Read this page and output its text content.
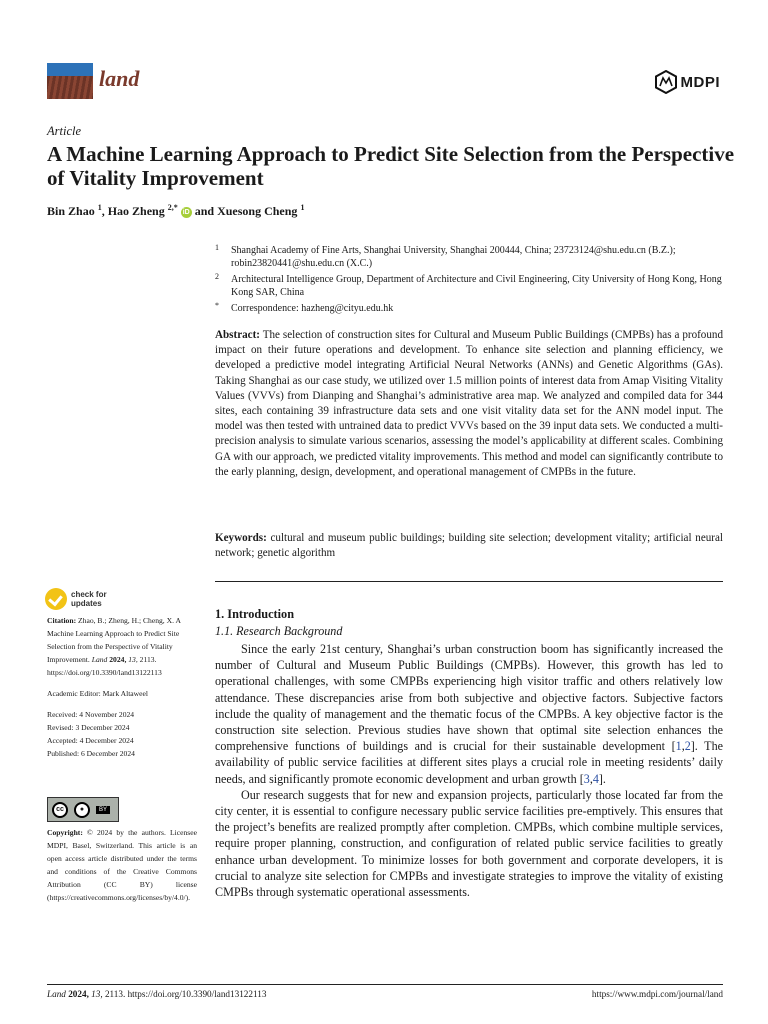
land	MDPI
Article
A Machine Learning Approach to Predict Site Selection from the Perspective of Vitality Improvement
Bin Zhao $^1$, Hao Zheng $^{2,*}$ iD and Xuesong Cheng $^1$
1 Shanghai Academy of Fine Arts, Shanghai University, Shanghai 200444, China; 23723124@shu.edu.cn (B.Z.); robin23820441@shu.edu.cn (X.C.)
2 Architectural Intelligence Group, Department of Architecture and Civil Engineering, City University of Hong Kong, Hong Kong SAR, China
* Correspondence: hazheng@cityu.edu.hk
Abstract: The selection of construction sites for Cultural and Museum Public Buildings (CMPBs) has a profound impact on their future operations and development. To enhance site selection and planning efficiency, we developed a predictive model integrating Artificial Neural Networks (ANNs) and Genetic Algorithms (GAs). Taking Shanghai as our case study, we utilized over 1.5 million points of interest data from Amap Visiting Vitality Values (VVVs) from Dianping and Shanghai’s administrative area map. We analyzed and compiled data for 344 sites, each containing 39 infrastructure data sets and one visit vitality data set for the ANN model input. The model was then tested with untrained data to predict VVVs based on the 39 input data sets. We conducted a multi-precision analysis to simulate various scenarios, assessing the model’s applicability at different scales. Combining GA with our approach, we predicted vitality improvements. This method and model can significantly contribute to the early planning, design, development, and operational management of CMPBs in the future.
Keywords: cultural and museum public buildings; building site selection; development vitality; artificial neural network; genetic algorithm
check for
updates

Citation: Zhao, B.; Zheng, H.; Cheng, X. A Machine Learning Approach to Predict Site Selection from the Perspective of Vitality Improvement. Land 2024, 13, 2113. https://doi.org/10.3390/land13122113

Academic Editor: Mark Altaweel

Received: 4 November 2024

Revised: 3 December 2024

Accepted: 4 December 2024

Published: 6 December 2024

cc	●	BY
Copyright: © 2024 by the authors. Licensee MDPI, Basel, Switzerland. This article is an open access article distributed under the terms and conditions of the Creative Commons Attribution (CC BY) license (https://creativecommons.org/licenses/by/4.0/).
1. Introduction
1.1. Research Background

Since the early 21st century, Shanghai’s urban construction boom has significantly increased the number of Cultural and Museum Public Buildings (CMPBs). However, this growth has led to operational challenges, with some CMPBs experiencing high visitor traffic and others relatively low attendance. These discrepancies arise from both subjective and objective factors. Subjective factors include the quality of management and the thematic focus of the CMPBs. A key objective factor is the construction site selection. Previous studies have shown that optimal site selection enhances the comprehensive functions of buildings and is crucial for their sustainable development [1,2]. The availability of public service facilities at different sites plays a crucial role in meeting residents’ daily needs, and significantly promote economic development and urban growth [3,4].

Our research suggests that for new and expansion projects, particularly those located far from the city center, it is essential to configure necessary public service facilities pre-emptively. This ensures that the project’s benefits are realized promptly after completion. CMPBs, which combine multiple services, require proper planning, construction, and configuration of related public service facilities to greatly enhance urban development. To minimize losses for both government and corporate developers, it is crucial to analyze site selection for CMPBs and investigate strategies to improve the vitality of existing CMPBs through systematic operational assessments.

Land 2024, 13, 2113. https://doi.org/10.3390/land13122113	https://www.mdpi.com/journal/land
